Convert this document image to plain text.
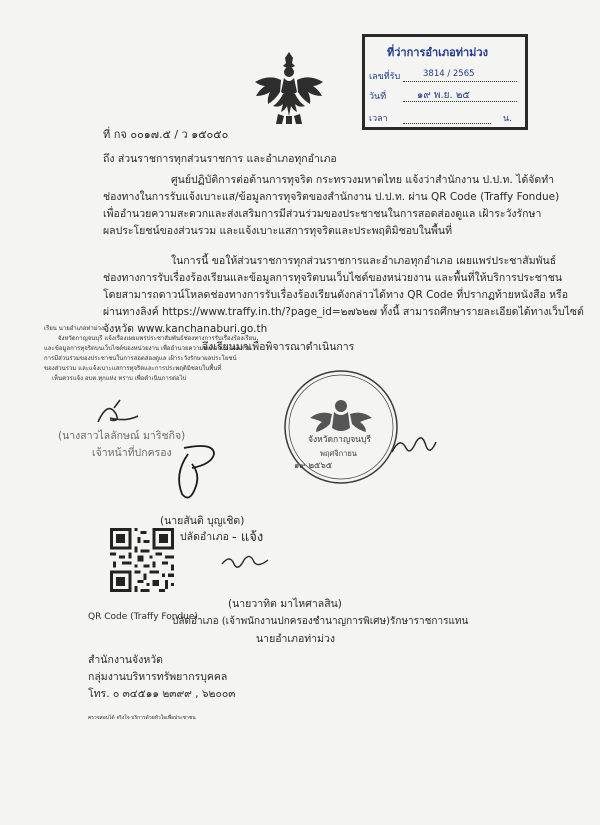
ที่ว่าการอำเภอท่าม่วง
เลขที่รับ	3814 / 2565
วันที่	๑๙ พ.ย. ๒๕
เวลา	น.
ที่ กจ ๐๐๑๗.๕ / ว ๑๕๐๕๐
ถึง ส่วนราชการทุกส่วนราชการ และอำเภอทุกอำเภอ
ศูนย์ปฏิบัติการต่อต้านการทุจริต กระทรวงมหาดไทย แจ้งว่าสำนักงาน ป.ป.ท. ได้จัดทำ
ช่องทางในการรับแจ้งเบาะแส/ข้อมูลการทุจริตของสำนักงาน ป.ป.ท. ผ่าน QR Code (Traffy Fondue)
เพื่ออำนวยความสะดวกและส่งเสริมการมีส่วนร่วมของประชาชนในการสอดส่องดูแล เฝ้าระวังรักษา
ผลประโยชน์ของส่วนรวม และแจ้งเบาะแสการทุจริตและประพฤติมิชอบในพื้นที่
ในการนี้ ขอให้ส่วนราชการทุกส่วนราชการและอำเภอทุกอำเภอ เผยแพร่ประชาสัมพันธ์
ช่องทางการรับเรื่องร้องเรียนและข้อมูลการทุจริตบนเว็บไซต์ของหน่วยงาน และพื้นที่ให้บริการประชาชน
โดยสามารถดาวน์โหลดช่องทางการรับเรื่องร้องเรียนดังกล่าวได้ทาง QR Code ที่ปรากฏท้ายหนังสือ หรือ
ผ่านทางลิงค์ https://www.traffy.in.th/?page_id=๒๗๖๒๗ ทั้งนี้ สามารถศึกษารายละเอียดได้ทางเว็บไซต์
จังหวัด www.kanchanaburi.go.th
เรียน นายอำเภอท่าม่วง
จังหวัดกาญจนบุรี แจ้งเรื่องเผยแพร่ประชาสัมพันธ์ช่องทางการรับเรื่องร้องเรียน
และข้อมูลการทุจริตบนเว็บไซต์ของหน่วยงาน เพื่ออำนวยความสะดวกและส่งเสริม
การมีส่วนร่วมของประชาชนในการสอดส่องดูแล เฝ้าระวังรักษาผลประโยชน์
ของส่วนรวม และแจ้งเบาะแสการทุจริตและการประพฤติมิชอบในพื้นที่
เห็นควรแจ้ง อบต.ทุกแห่ง ทราบ เพื่อดำเนินการต่อไป
จึงเรียนมาเพื่อพิจารณาดำเนินการ
(นางสาวไลลักษณ์ มาริชกิจ)
เจ้าหน้าที่ปกครอง
จังหวัดกาญจนบุรี
พฤศจิกายน
๑๙ ๒๕๖๕
(นายสันติ บุญเชิด)
ปลัดอำเภอ - แจ้ง
QR Code (Traffy Fondue)
(นายวาทิต มาไหศาลสิน)
ปลัดอำเภอ (เจ้าพนักงานปกครองชำนาญการพิเศษ)รักษาราชการแทน
นายอำเภอท่าม่วง
สำนักงานจังหวัด
กลุ่มงานบริหารทรัพยากรบุคคล
โทร. ๐ ๓๔๕๑๑ ๒๓๙๙ , ๖๒๐๐๓
ตรวจสอบได้ จริงใจ บริการด้วยหัวใจเพื่อประชาชน
